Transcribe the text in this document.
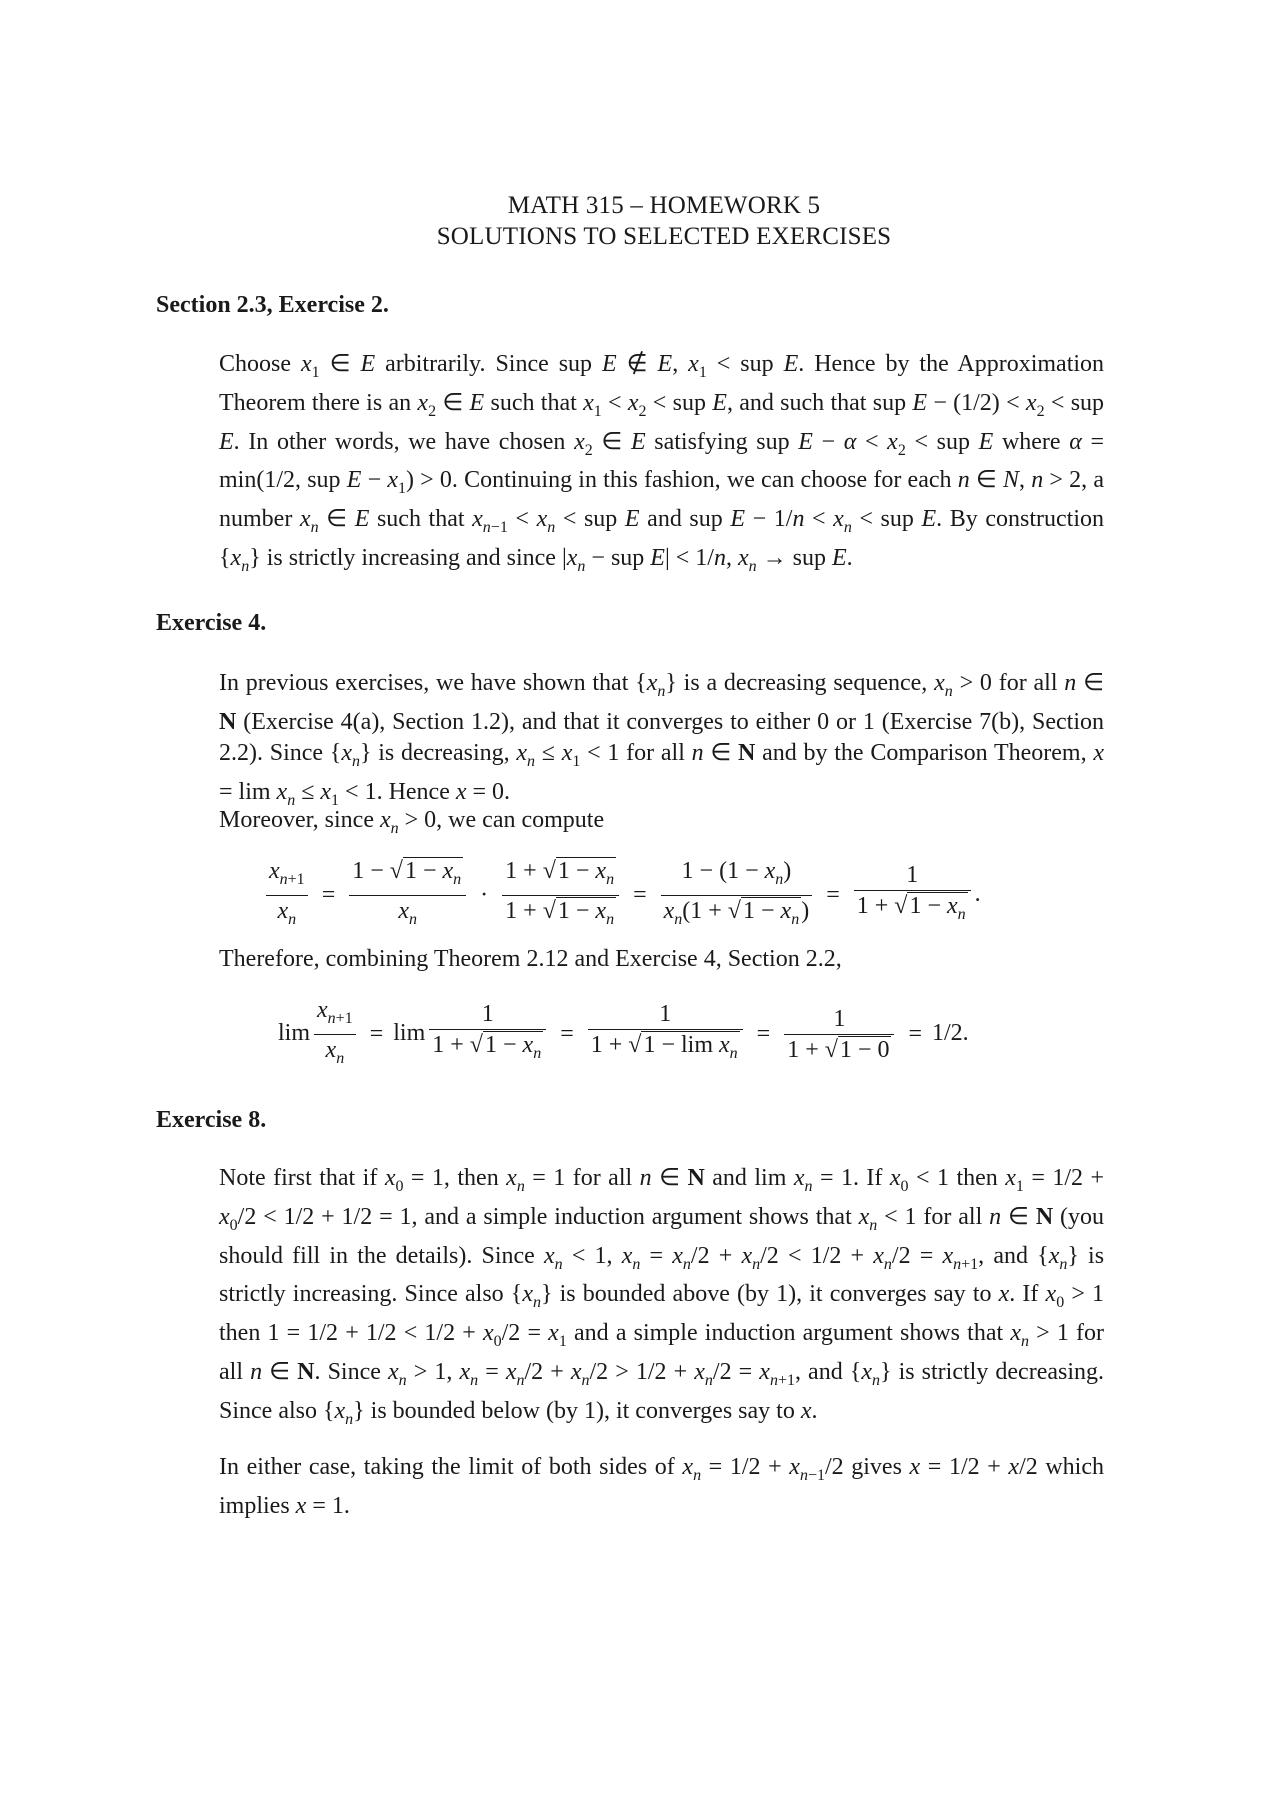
MATH 315 – HOMEWORK 5
SOLUTIONS TO SELECTED EXERCISES
Section 2.3, Exercise 2.
Choose $x_1$ ∈ E arbitrarily. Since sup E ∉ E, $x_1$ < sup E. Hence by the Approximation Theorem there is an $x_2$ ∈ E such that $x_1 < x_2$ < sup E, and such that sup $E - (1/2) < x_2$ < sup E. In other words, we have chosen $x_2$ ∈ E satisfying sup $E - \alpha < x_2$ < sup E where α = min(1/2, sup $E - x_1) > 0$. Continuing in this fashion, we can choose for each n ∈ N, n > 2, a number $x_n$ ∈ E such that $x_{n-1} < x_n$ < sup E and sup $E - 1/n < x_n$ < sup E. By construction $\{x_n\}$ is strictly increasing and since $|x_n$ − sup E| < 1/n, $x_n$ → sup E.
Exercise 4.
In previous exercises, we have shown that $\{x_n\}$ is a decreasing sequence, $x_n > 0$ for all n ∈ N (Exercise 4(a), Section 1.2), and that it converges to either 0 or 1 (Exercise 7(b), Section 2.2). Since $\{x_n\}$ is decreasing, $x_n \le x_1 < 1$ for all n ∈ N and by the Comparison Theorem, $x = \lim x_n \le x_1 < 1$. Hence x = 0.
Moreover, since $x_n > 0$, we can compute
$\frac{x_{n+1}}{x_n} = \frac{1 - √1 - x_n}{x_n} \cdot \frac{1 + √1 - x_n}{1 + √1 - x_n} = \frac{1 - (1 - x_n)}{x_n(1 + √1 - x_n)} = \frac{1}{1 + √1 - x_n}$ .
Therefore, combining Theorem 2.12 and Exercise 4, Section 2.2,
$\lim \frac{x_{n+1}}{x_n} = \lim \frac{1}{1 + √1 - x_n} = \frac{1}{1 + √1 - \lim x_n} = \frac{1}{1 + √1 - 0} = 1/2$.
Exercise 8.
Note first that if $x_0 = 1$, then $x_n = 1$ for all n ∈ N and $\lim x_n = 1$. If $x_0 < 1$ then $x_1 = 1/2 + x_0/2 < 1/2 + 1/2 = 1$, and a simple induction argument shows that $x_n < 1$ for all n ∈ N (you should fill in the details). Since $x_n < 1$, $x_n = x_n/2 + x_n/2 < 1/2 + x_n/2 = x_{n+1}$, and $\{x_n\}$ is strictly increasing. Since also $\{x_n\}$ is bounded above (by 1), it converges say to x. If $x_0 > 1$ then $1 = 1/2 + 1/2 < 1/2 + x_0/2 = x_1$ and a simple induction argument shows that $x_n > 1$ for all n ∈ N. Since $x_n > 1$, $x_n = x_n/2 + x_n/2 > 1/2 + x_n/2 = x_{n+1}$, and $\{x_n\}$ is strictly decreasing. Since also $\{x_n\}$ is bounded below (by 1), it converges say to x.
In either case, taking the limit of both sides of $x_n = 1/2 + x_{n-1}/2$ gives x = 1/2 + x/2 which implies x = 1.
